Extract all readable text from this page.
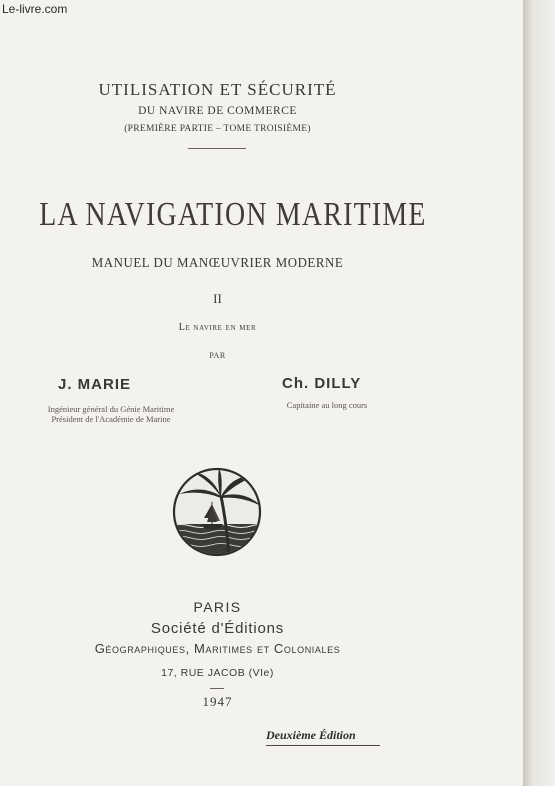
Le-livre.com
UTILISATION ET SÉCURITÉ
DU NAVIRE DE COMMERCE
(PREMIÈRE PARTIE – TOME TROISIÈME)
LA NAVIGATION MARITIME
MANUEL DU MANŒUVRIER MODERNE
II
Le navire en mer
PAR
J. MARIE
Ingénieur général du Génie Maritime
Président de l'Académie de Marine
Ch. DILLY
Capitaine au long cours
PARIS
Société d'Éditions
Géographiques, Maritimes et Coloniales
17, RUE JACOB (VIe)
1947
Deuxième Édition
